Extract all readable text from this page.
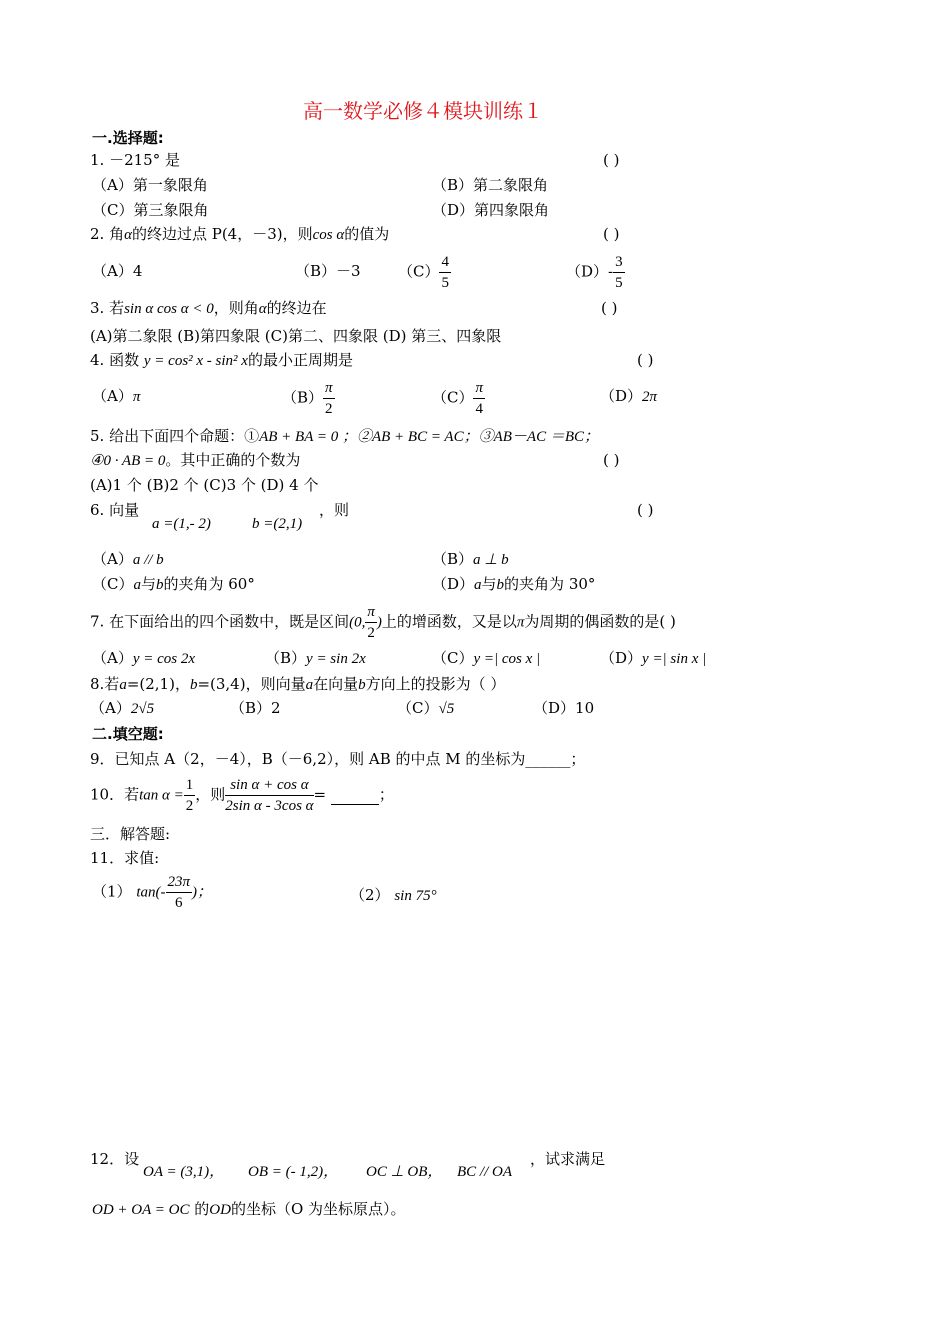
高一数学必修４模块训练１
一.选择题:
1. －215° 是	( )
（A）第一象限角	（B）第二象限角
（C）第三象限角	（D）第四象限角
2. 角α的终边过点 P(4，－3)，则cos α的值为	( )
（A）4	（B）－3 $(C) \frac{4}{5}$	$(D)- \frac{3}{5}$
3. 若sin α cos α < 0，则角α的终边在	( )
(A)第二象限 (B)第四象限 (C)第二、四象限 (D) 第三、四象限
4. 函数 y = cos² x - sin² x的最小正周期是	( )
（A）π	$(B) \frac{\pi}{2}$	$(C) \frac{\pi}{4}$	（D）2π
5. 给出下面四个命题：①AB + BA = 0 ；②AB + BC = AC；③AB－AC ＝BC；
④0 · AB = 0。其中正确的个数为	( )
(A)1 个 (B)2 个 (C)3 个 (D) 4 个
6. 向量
a =(1,- 2)	b =(2,1)
，则	( )
（A）a // b	（B）a ⊥ b
（C）a与b的夹角为 60°	（D）a与b的夹角为 30°
7. 在下面给出的四个函数中，既是区间(0, $\frac{\pi}{2}$ )上的增函数，又是以π为周期的偶函数的是( )
（A）y = cos 2x	（B）y = sin 2x	（C）y =| cos x |	（D）y =| sin x |
8.若a=(2,1)，b=(3,4)，则向量a在向量b方向上的投影为（ ）
（A）2√5	（B）2	（C）√5	（D）10
二.填空题:
9．已知点 A（2，－4），B（－6,2），则 AB 的中点 M 的坐标为______；
10．若$\tan \alpha = \frac{1}{2}$ ，则 $\frac{\text{sin α + cos α}}{\text{2sin α - 3cos α}}$ =	；
三．解答题:
11．求值:
（1） $\tan(- \frac{23\pi}{6}$ )；	（2） sin 75°
12．设
OA = (3,1)， OB = (- 1,2)， OC ⊥ OB， BC // OA
，试求满足
OD + OA = OC 的OD的坐标（O 为坐标原点）。
